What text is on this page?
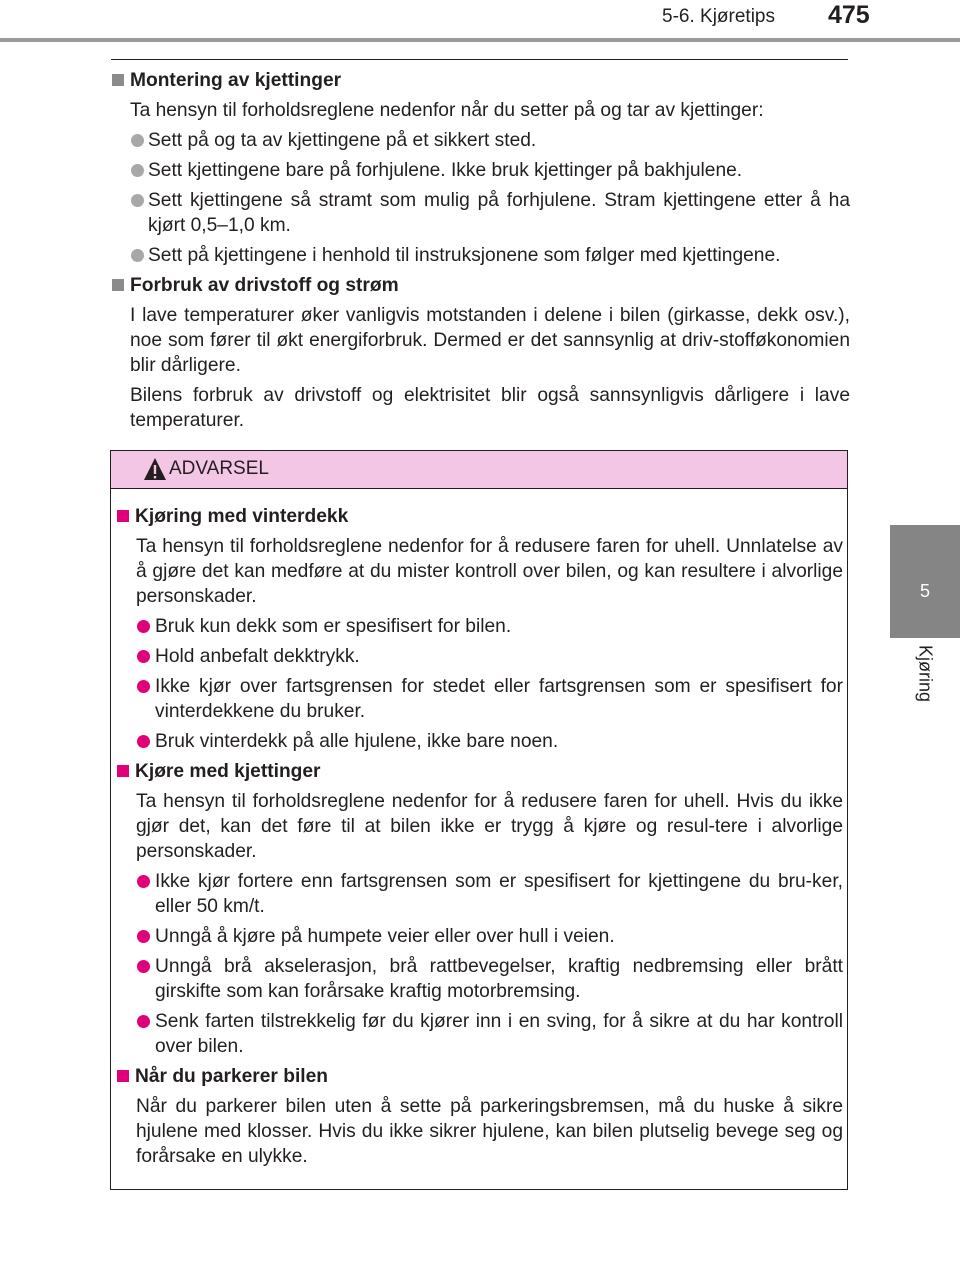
5-6. Kjøretips 475
5
Kjøring
Montering av kjettinger
Ta hensyn til forholdsreglene nedenfor når du setter på og tar av kjettinger:
Sett på og ta av kjettingene på et sikkert sted.
Sett kjettingene bare på forhjulene. Ikke bruk kjettinger på bakhjulene.
Sett kjettingene så stramt som mulig på forhjulene. Stram kjettingene etter å ha kjørt 0,5–1,0 km.
Sett på kjettingene i henhold til instruksjonene som følger med kjettingene.
Forbruk av drivstoff og strøm
I lave temperaturer øker vanligvis motstanden i delene i bilen (girkasse, dekk osv.), noe som fører til økt energiforbruk. Dermed er det sannsynlig at driv-stofføkonomien blir dårligere.
Bilens forbruk av drivstoff og elektrisitet blir også sannsynligvis dårligere i lave temperaturer.
ADVARSEL
Kjøring med vinterdekk
Ta hensyn til forholdsreglene nedenfor for å redusere faren for uhell. Unnlatelse av å gjøre det kan medføre at du mister kontroll over bilen, og kan resultere i alvorlige personskader.
Bruk kun dekk som er spesifisert for bilen.
Hold anbefalt dekktrykk.
Ikke kjør over fartsgrensen for stedet eller fartsgrensen som er spesifisert for vinterdekkene du bruker.
Bruk vinterdekk på alle hjulene, ikke bare noen.
Kjøre med kjettinger
Ta hensyn til forholdsreglene nedenfor for å redusere faren for uhell. Hvis du ikke gjør det, kan det føre til at bilen ikke er trygg å kjøre og resul-tere i alvorlige personskader.
Ikke kjør fortere enn fartsgrensen som er spesifisert for kjettingene du bru-ker, eller 50 km/t.
Unngå å kjøre på humpete veier eller over hull i veien.
Unngå brå akselerasjon, brå rattbevegelser, kraftig nedbremsing eller brått girskifte som kan forårsake kraftig motorbremsing.
Senk farten tilstrekkelig før du kjører inn i en sving, for å sikre at du har kontroll over bilen.
Når du parkerer bilen
Når du parkerer bilen uten å sette på parkeringsbremsen, må du huske å sikre hjulene med klosser. Hvis du ikke sikrer hjulene, kan bilen plutselig bevege seg og forårsake en ulykke.
